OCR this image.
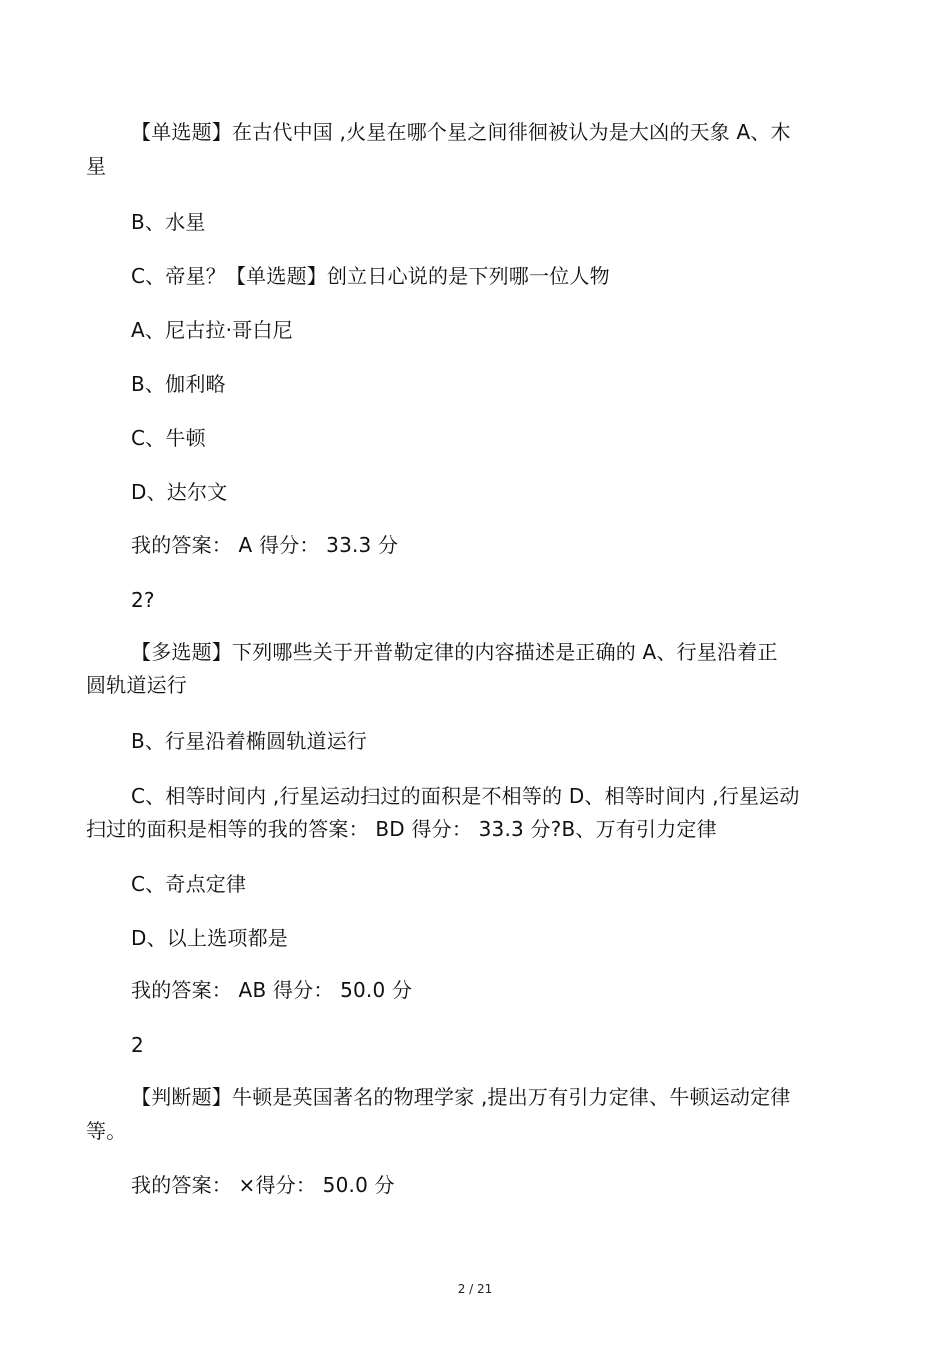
【单选题】在古代中国 ,火星在哪个星之间徘徊被认为是大凶的天象 A、木
星
B、水星
C、帝星？【单选题】创立日心说的是下列哪一位人物
A、尼古拉·哥白尼
B、伽利略
C、牛顿
D、达尔文
我的答案： A 得分： 33.3 分
2?
【多选题】下列哪些关于开普勒定律的内容描述是正确的 A、行星沿着正
圆轨道运行
B、行星沿着椭圆轨道运行
C、相等时间内 ,行星运动扫过的面积是不相等的 D、相等时间内 ,行星运动
扫过的面积是相等的我的答案： BD 得分： 33.3 分?B、万有引力定律
C、奇点定律
D、以上选项都是
我的答案： AB 得分： 50.0 分
2
【判断题】牛顿是英国著名的物理学家 ,提出万有引力定律、牛顿运动定律
等。
我的答案： ×得分： 50.0 分
2 / 21
